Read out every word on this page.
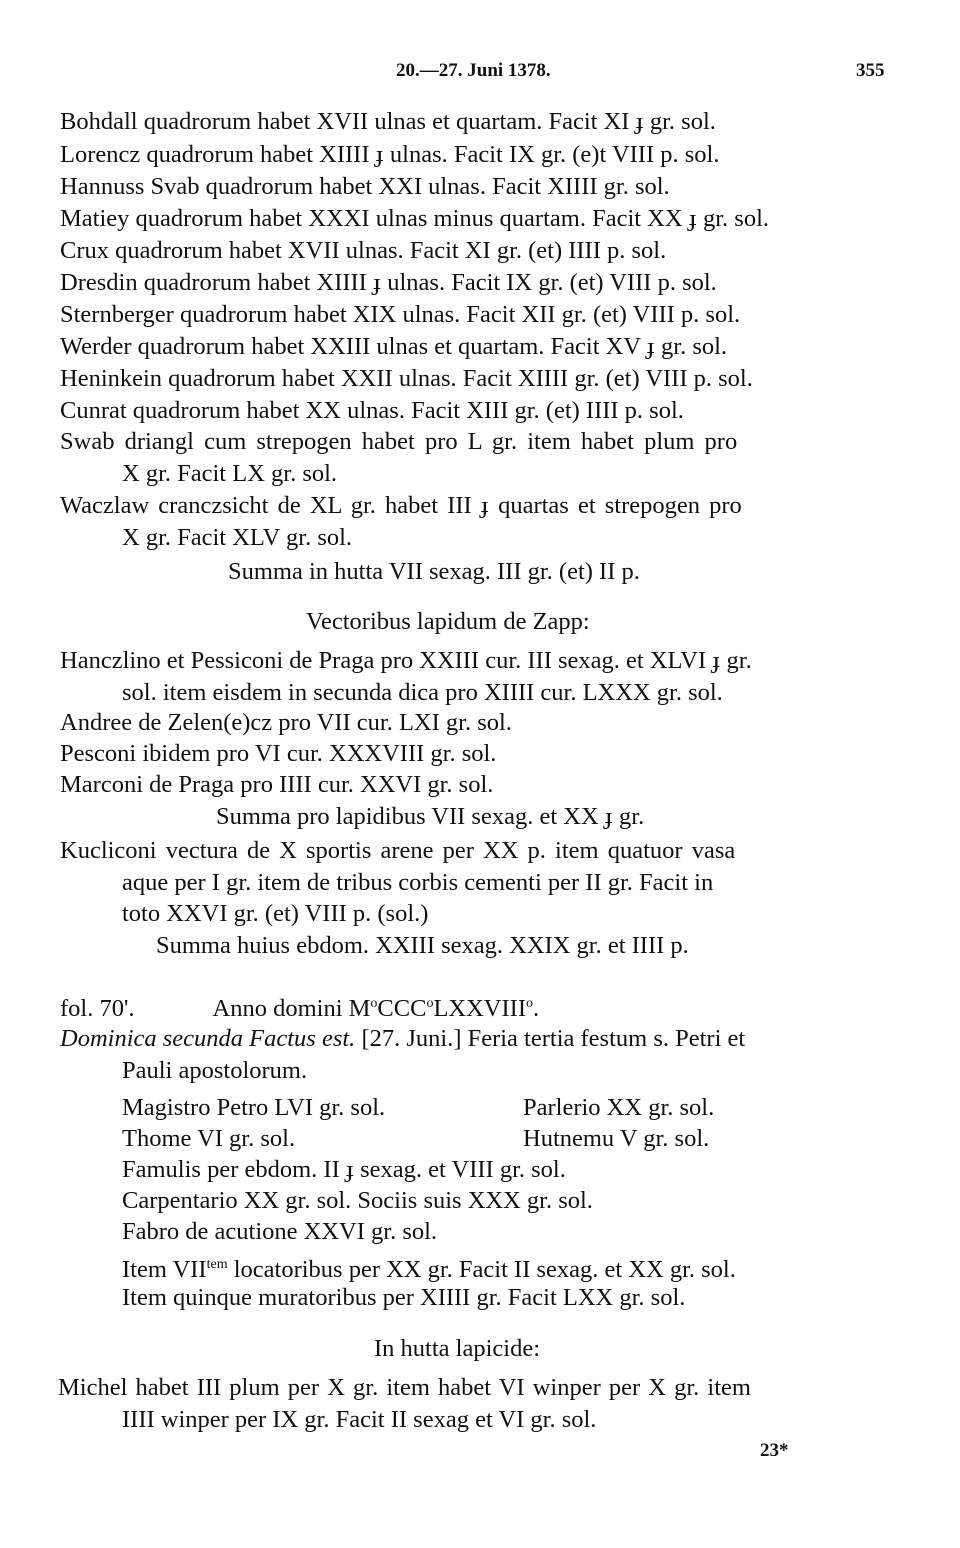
20.—27. Juni 1378.	355
Bohdall quadrorum habet XVII ulnas et quartam. Facit XI ɟ gr. sol.
Lorencz quadrorum habet XIIII ɟ ulnas. Facit IX gr. (e)t VIII p. sol.
Hannuss Svab quadrorum habet XXI ulnas. Facit XIIII gr. sol.
Matiey quadrorum habet XXXI ulnas minus quartam. Facit XX ɟ gr. sol.
Crux quadrorum habet XVII ulnas. Facit XI gr. (et) IIII p. sol.
Dresdin quadrorum habet XIIII ɟ ulnas. Facit IX gr. (et) VIII p. sol.
Sternberger quadrorum habet XIX ulnas. Facit XII gr. (et) VIII p. sol.
Werder quadrorum habet XXIII ulnas et quartam. Facit XV ɟ gr. sol.
Heninkein quadrorum habet XXII ulnas. Facit XIIII gr. (et) VIII p. sol.
Cunrat quadrorum habet XX ulnas. Facit XIII gr. (et) IIII p. sol.
Swab driangl cum strepogen habet pro L gr. item habet plum pro
X gr. Facit LX gr. sol.
Waczlaw cranczsicht de XL gr. habet III ɟ quartas et strepogen pro
X gr. Facit XLV gr. sol.
Summa in hutta VII sexag. III gr. (et) II p.
Vectoribus lapidum de Zapp:
Hanczlino et Pessiconi de Praga pro XXIII cur. III sexag. et XLVI ɟ gr.
sol. item eisdem in secunda dica pro XIIII cur. LXXX gr. sol.
Andree de Zelen(e)cz pro VII cur. LXI gr. sol.
Pesconi ibidem pro VI cur. XXXVIII gr. sol.
Marconi de Praga pro IIII cur. XXVI gr. sol.
Summa pro lapidibus VII sexag. et XX ɟ gr.
Kucliconi vectura de X sportis arene per XX p. item quatuor vasa
aque per I gr. item de tribus corbis cementi per II gr. Facit in
toto XXVI gr. (et) VIII p. (sol.)
Summa huius ebdom. XXIII sexag. XXIX gr. et IIII p.
fol. 70'.	Anno domini $M^oCCC^oLXXVIII^o$.
Dominica secunda Factus est. [27. Juni.] Feria tertia festum s. Petri et
Pauli apostolorum.
Magistro Petro LVI gr. sol.	Parlerio XX gr. sol.
Thome VI gr. sol.	Hutnemu V gr. sol.
Famulis per ebdom. II ɟ sexag. et VIII gr. sol.
Carpentario XX gr. sol. Sociis suis XXX gr. sol.
Fabro de acutione XXVI gr. sol.
Item $VII^{tem}$ locatoribus per XX gr. Facit II sexag. et XX gr. sol.
Item quinque muratoribus per XIIII gr. Facit LXX gr. sol.
In hutta lapicide:
Michel habet III plum per X gr. item habet VI winper per X gr. item
IIII winper per IX gr. Facit II sexag et VI gr. sol.
23*
